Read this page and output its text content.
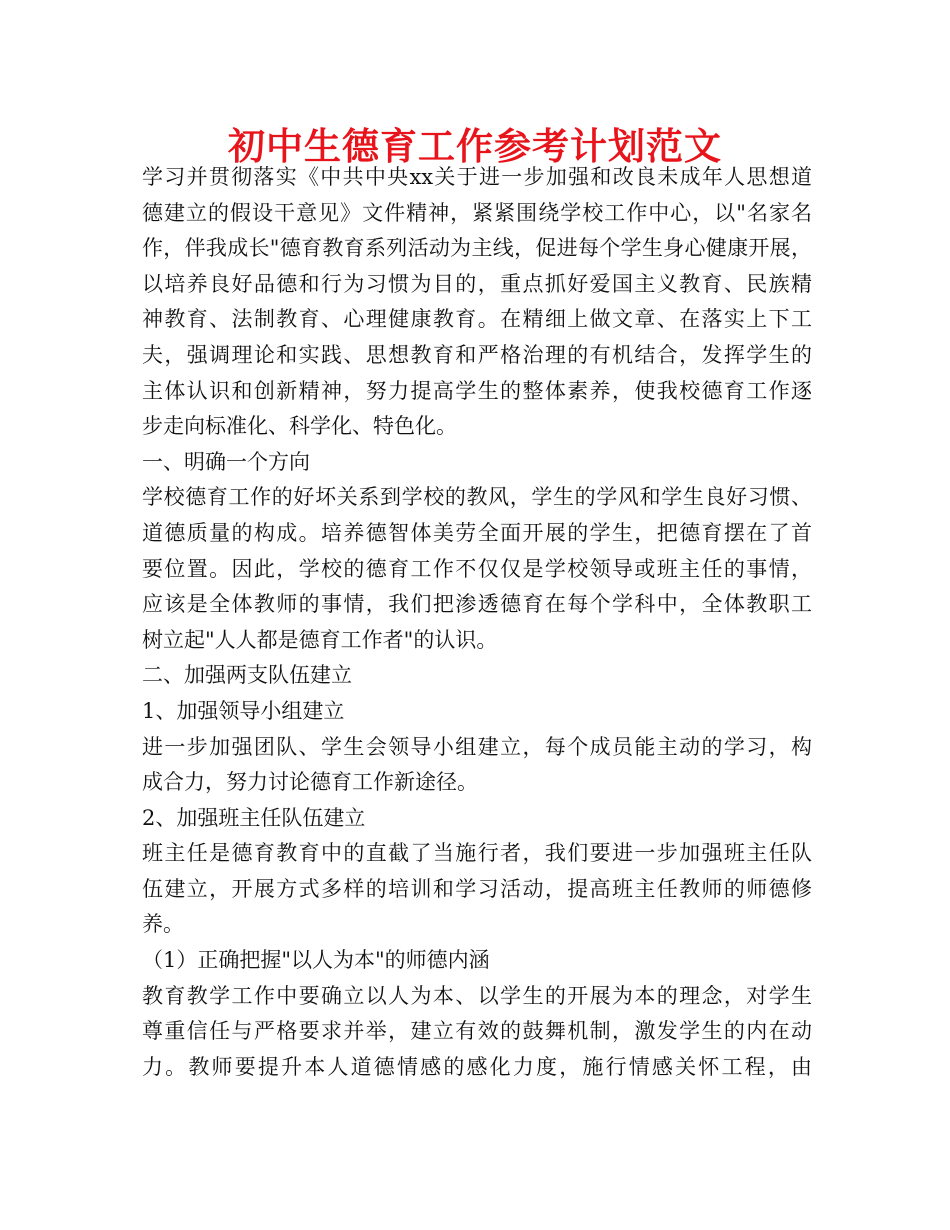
初中生德育工作参考计划范文
学习并贯彻落实《中共中央xx关于进一步加强和改良未成年人思想道
德建立的假设干意见》文件精神，紧紧围绕学校工作中心，以"名家名
作，伴我成长"德育教育系列活动为主线，促进每个学生身心健康开展，
以培养良好品德和行为习惯为目的，重点抓好爱国主义教育、民族精
神教育、法制教育、心理健康教育。在精细上做文章、在落实上下工
夫，强调理论和实践、思想教育和严格治理的有机结合，发挥学生的
主体认识和创新精神，努力提高学生的整体素养，使我校德育工作逐
步走向标准化、科学化、特色化。
一、明确一个方向
学校德育工作的好坏关系到学校的教风，学生的学风和学生良好习惯、
道德质量的构成。培养德智体美劳全面开展的学生，把德育摆在了首
要位置。因此，学校的德育工作不仅仅是学校领导或班主任的事情，
应该是全体教师的事情，我们把渗透德育在每个学科中，全体教职工
树立起"人人都是德育工作者"的认识。
二、加强两支队伍建立
1、加强领导小组建立
进一步加强团队、学生会领导小组建立，每个成员能主动的学习，构
成合力，努力讨论德育工作新途径。
2、加强班主任队伍建立
班主任是德育教育中的直截了当施行者，我们要进一步加强班主任队
伍建立，开展方式多样的培训和学习活动，提高班主任教师的师德修
养。
（1）正确把握"以人为本"的师德内涵
教育教学工作中要确立以人为本、以学生的开展为本的理念，对学生
尊重信任与严格要求并举，建立有效的鼓舞机制，激发学生的内在动
力。教师要提升本人道德情感的感化力度，施行情感关怀工程，由
